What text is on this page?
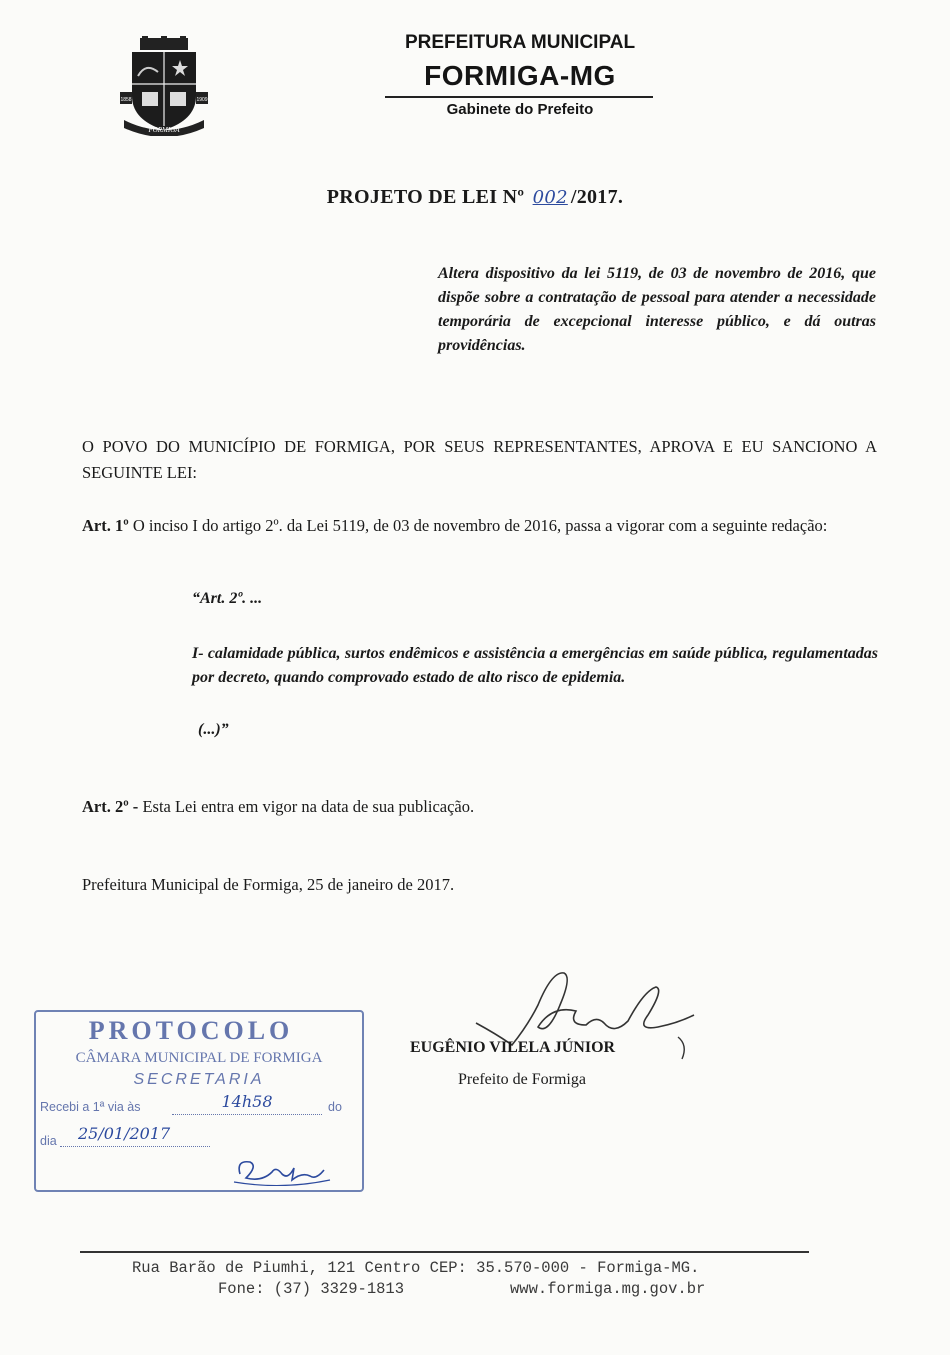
1858	1909
FORMIGA
PREFEITURA MUNICIPAL
FORMIGA-MG
Gabinete do Prefeito
PROJETO DE LEI Nº 002 /2017.
Altera dispositivo da lei 5119, de 03 de novembro de 2016, que dispõe sobre a contratação de pessoal para atender a necessidade temporária de excepcional interesse público, e dá outras providências.
O POVO DO MUNICÍPIO DE FORMIGA, POR SEUS REPRESENTANTES, APROVA E EU SANCIONO A SEGUINTE LEI:
Art. 1º O inciso I do artigo 2º. da Lei 5119, de 03 de novembro de 2016, passa a vigorar com a seguinte redação:
“Art. 2º. ...
I- calamidade pública, surtos endêmicos e assistência a emergências em saúde pública, regulamentadas por decreto, quando comprovado estado de alto risco de epidemia.
(...)”
Art. 2º - Esta Lei entra em vigor na data de sua publicação.
Prefeitura Municipal de Formiga, 25 de janeiro de 2017.
EUGÊNIO VILELA JÚNIOR
Prefeito de Formiga
PROTOCOLO
CÂMARA MUNICIPAL DE FORMIGA
SECRETARIA
Recebi a 1ª via às	14h58	do
dia	25/01/2017
Rua Barão de Piumhi, 121 Centro CEP: 35.570-000 - Formiga-MG.
Fone: (37) 3329-1813	www.formiga.mg.gov.br
